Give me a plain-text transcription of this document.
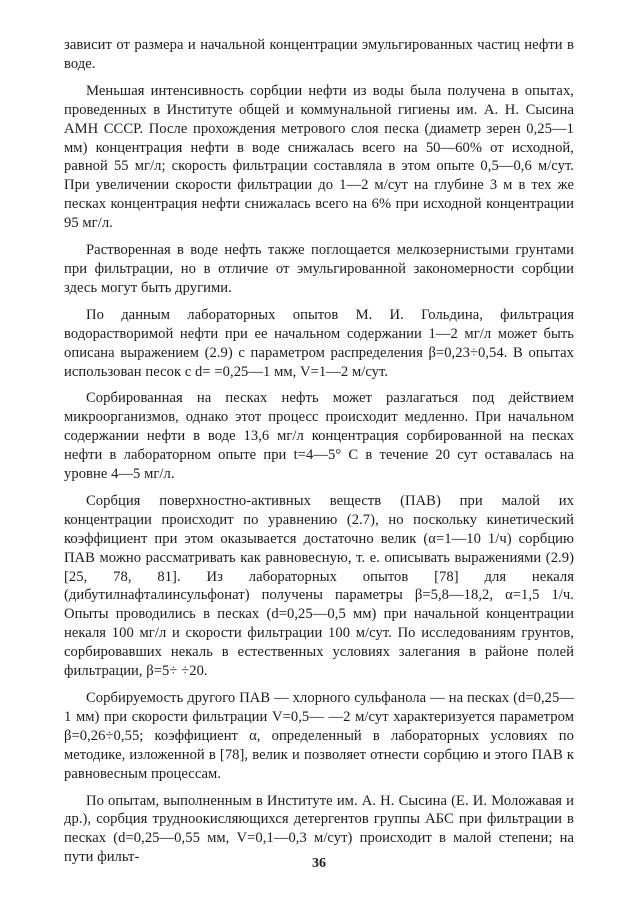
зависит от размера и начальной концентрации эмульгированных частиц нефти в воде.

Меньшая интенсивность сорбции нефти из воды была получена в опытах, проведенных в Институте общей и коммунальной гигиены им. А. Н. Сысина АМН СССР. После прохождения метрового слоя песка (диаметр зерен 0,25—1 мм) концентрация нефти в воде снижалась всего на 50—60% от исходной, равной 55 мг/л; скорость фильтрации составляла в этом опыте 0,5—0,6 м/сут. При увеличении скорости фильтрации до 1—2 м/сут на глубине 3 м в тех же песках концентрация нефти снижалась всего на 6% при исходной концентрации 95 мг/л.

Растворенная в воде нефть также поглощается мелкозернистыми грунтами при фильтрации, но в отличие от эмульгированной закономерности сорбции здесь могут быть другими.

По данным лабораторных опытов М. И. Гольдина, фильтрация водорастворимой нефти при ее начальном содержании 1—2 мг/л может быть описана выражением (2.9) с параметром распределения β=0,23÷0,54. В опытах использован песок с d= =0,25—1 мм, V=1—2 м/сут.

Сорбированная на песках нефть может разлагаться под действием микроорганизмов, однако этот процесс происходит медленно. При начальном содержании нефти в воде 13,6 мг/л концентрация сорбированной на песках нефти в лабораторном опыте при t=4—5° С в течение 20 сут оставалась на уровне 4—5 мг/л.

Сорбция поверхностно-активных веществ (ПАВ) при малой их концентрации происходит по уравнению (2.7), но поскольку кинетический коэффициент при этом оказывается достаточно велик (α=1—10 1/ч) сорбцию ПАВ можно рассматривать как равновесную, т. е. описывать выражениями (2.9) [25, 78, 81]. Из лабораторных опытов [78] для некаля (дибутилнафталинсульфонат) получены параметры β=5,8—18,2, α=1,5 1/ч. Опыты проводились в песках (d=0,25—0,5 мм) при начальной концентрации некаля 100 мг/л и скорости фильтрации 100 м/сут. По исследованиям грунтов, сорбировавших некаль в естественных условиях залегания в районе полей фильтрации, β=5÷ ÷20.

Сорбируемость другого ПАВ — хлорного сульфанола — на песках (d=0,25—1 мм) при скорости фильтрации V=0,5— —2 м/сут характеризуется параметром β=0,26÷0,55; коэффициент α, определенный в лабораторных условиях по методике, изложенной в [78], велик и позволяет отнести сорбцию и этого ПАВ к равновесным процессам.

По опытам, выполненным в Институте им. А. Н. Сысина (Е. И. Моложавая и др.), сорбция трудноокисляющихся детергентов группы АБС при фильтрации в песках (d=0,25—0,55 мм, V=0,1—0,3 м/сут) происходит в малой степени; на пути фильт-	36
